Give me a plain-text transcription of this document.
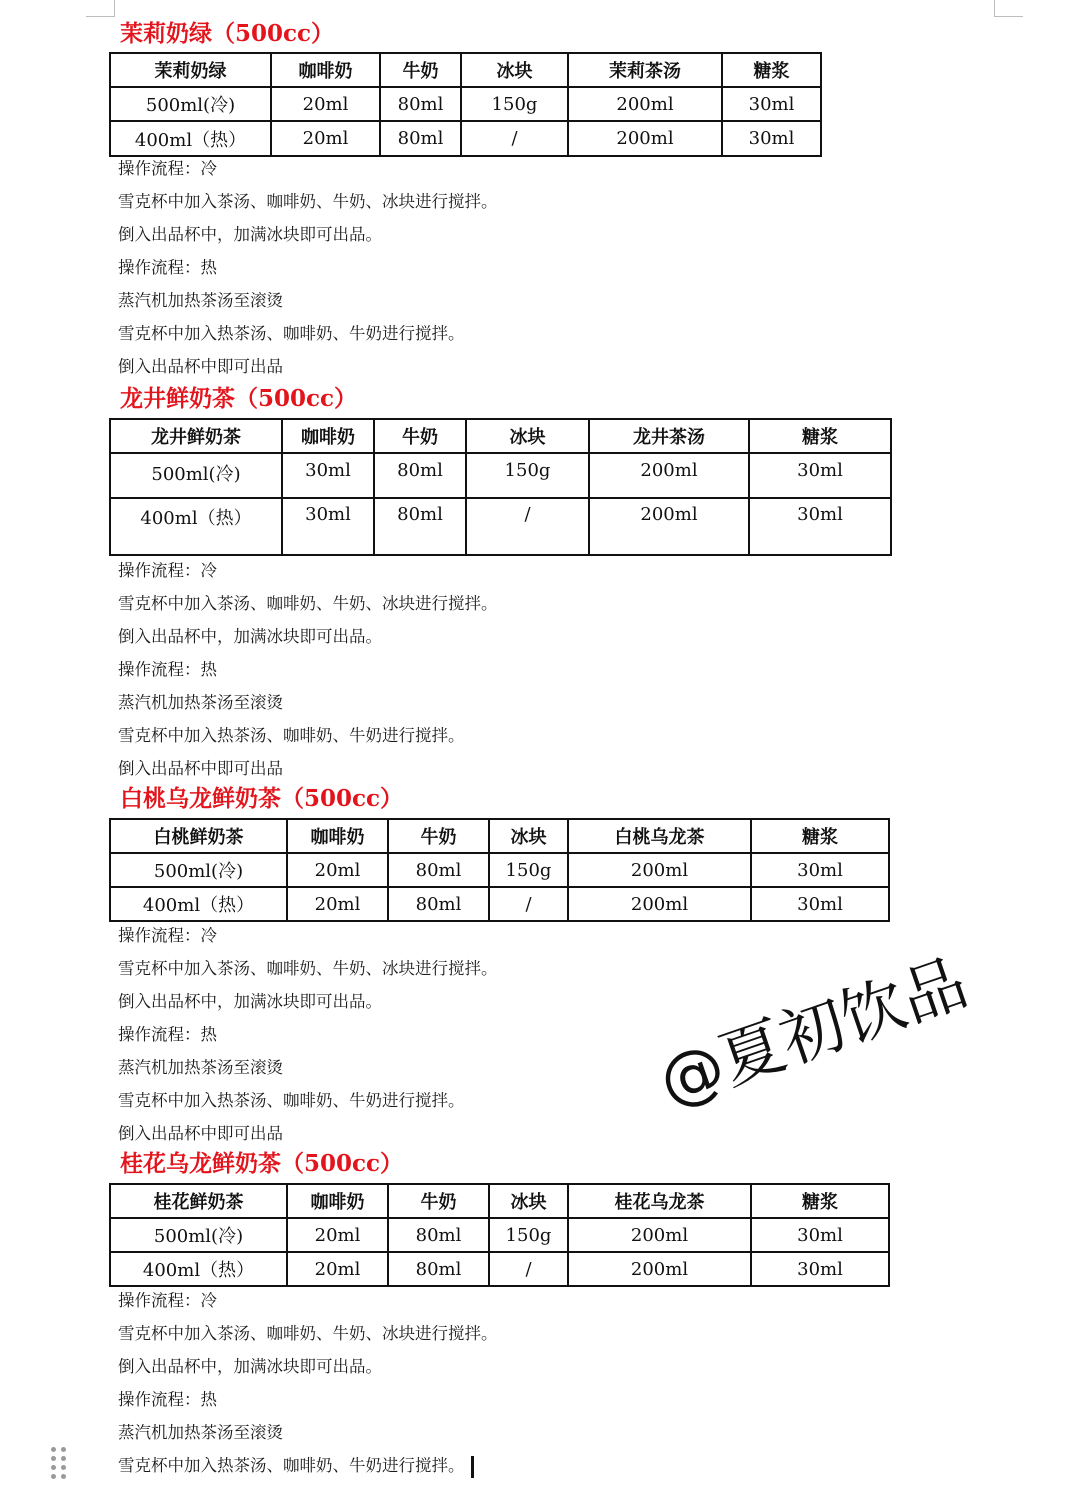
茉莉奶绿（500cc）
茉莉奶绿	咖啡奶	牛奶	冰块	茉莉茶汤	糖浆
500ml(冷)	20ml	80ml	150g	200ml	30ml
400ml（热）	20ml	80ml	/	200ml	30ml
操作流程：冷
雪克杯中加入茶汤、咖啡奶、牛奶、冰块进行搅拌。
倒入出品杯中，加满冰块即可出品。
操作流程：热
蒸汽机加热茶汤至滚烫
雪克杯中加入热茶汤、咖啡奶、牛奶进行搅拌。
倒入出品杯中即可出品
龙井鲜奶茶（500cc）
龙井鲜奶茶	咖啡奶	牛奶	冰块	龙井茶汤	糖浆
500ml(冷)	30ml	80ml	150g	200ml	30ml
400ml（热）	30ml	80ml	/	200ml	30ml
操作流程：冷
雪克杯中加入茶汤、咖啡奶、牛奶、冰块进行搅拌。
倒入出品杯中，加满冰块即可出品。
操作流程：热
蒸汽机加热茶汤至滚烫
雪克杯中加入热茶汤、咖啡奶、牛奶进行搅拌。
倒入出品杯中即可出品
白桃乌龙鲜奶茶（500cc）
白桃鲜奶茶	咖啡奶	牛奶	冰块	白桃乌龙茶	糖浆
500ml(冷)	20ml	80ml	150g	200ml	30ml
400ml（热）	20ml	80ml	/	200ml	30ml
操作流程：冷
雪克杯中加入茶汤、咖啡奶、牛奶、冰块进行搅拌。
倒入出品杯中，加满冰块即可出品。
操作流程：热
蒸汽机加热茶汤至滚烫
雪克杯中加入热茶汤、咖啡奶、牛奶进行搅拌。
倒入出品杯中即可出品
桂花乌龙鲜奶茶（500cc）
桂花鲜奶茶	咖啡奶	牛奶	冰块	桂花乌龙茶	糖浆
500ml(冷)	20ml	80ml	150g	200ml	30ml
400ml（热）	20ml	80ml	/	200ml	30ml
操作流程：冷
雪克杯中加入茶汤、咖啡奶、牛奶、冰块进行搅拌。
倒入出品杯中，加满冰块即可出品。
操作流程：热
蒸汽机加热茶汤至滚烫
雪克杯中加入热茶汤、咖啡奶、牛奶进行搅拌。
@夏初饮品
